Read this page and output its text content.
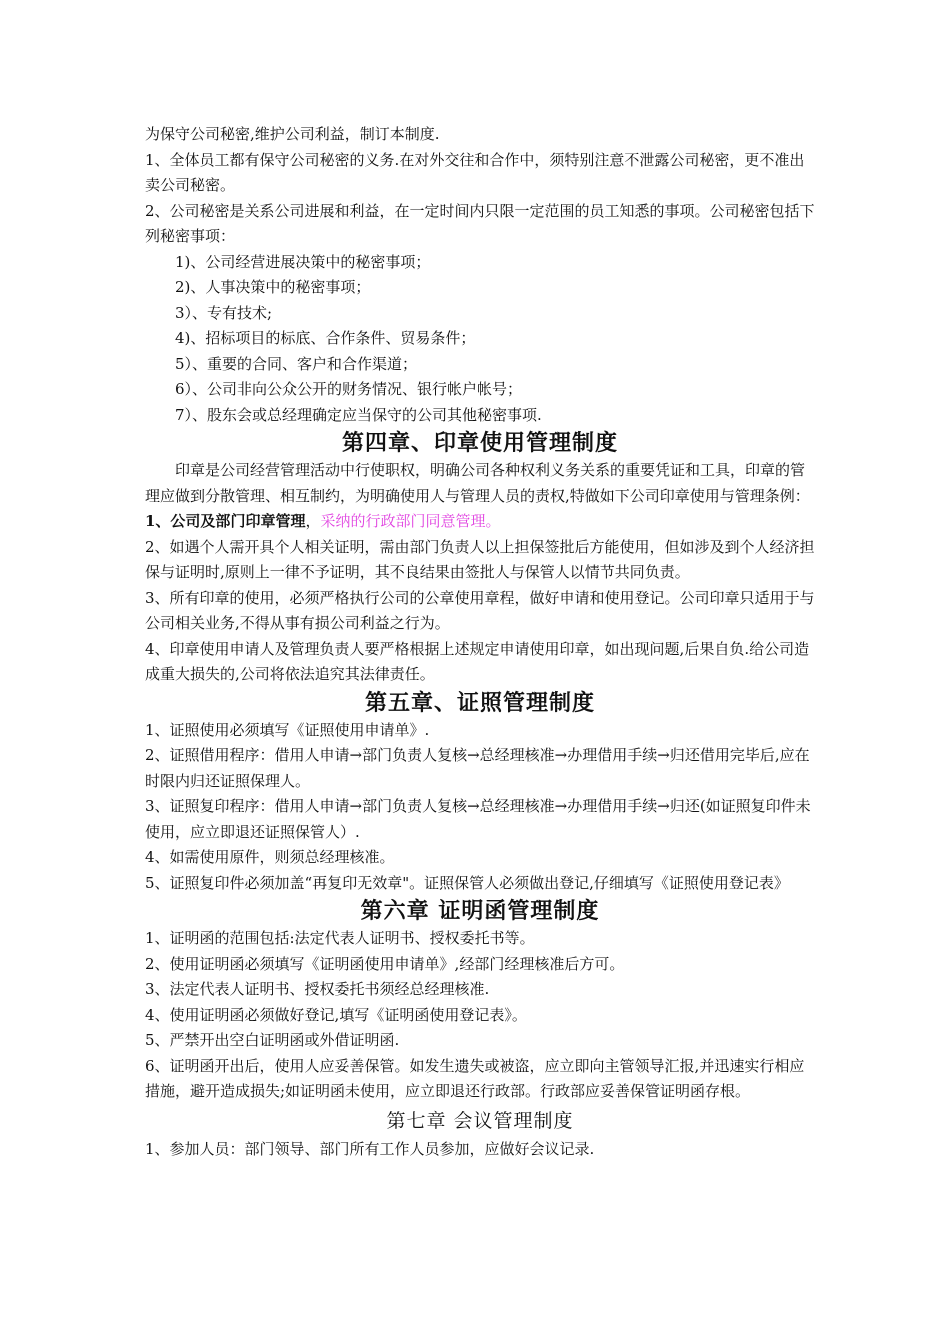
为保守公司秘密,维护公司利益，制订本制度.

1、全体员工都有保守公司秘密的义务.在对外交往和合作中，须特别注意不泄露公司秘密，更不准出卖公司秘密。

2、公司秘密是关系公司进展和利益，在一定时间内只限一定范围的员工知悉的事项。公司秘密包括下列秘密事项：

1)、公司经营进展决策中的秘密事项；

2)、人事决策中的秘密事项；

3）、专有技术;

4)、招标项目的标底、合作条件、贸易条件；

5）、重要的合同、客户和合作渠道；

6）、公司非向公众公开的财务情况、银行帐户帐号；

7）、股东会或总经理确定应当保守的公司其他秘密事项.

第四章、印章使用管理制度

印章是公司经营管理活动中行使职权，明确公司各种权利义务关系的重要凭证和工具，印章的管理应做到分散管理、相互制约，为明确使用人与管理人员的责权,特做如下公司印章使用与管理条例：

1、公司及部门印章管理，采纳的行政部门同意管理。

2、如遇个人需开具个人相关证明，需由部门负责人以上担保签批后方能使用，但如涉及到个人经济担保与证明时,原则上一律不予证明，其不良结果由签批人与保管人以情节共同负责。

3、所有印章的使用，必须严格执行公司的公章使用章程，做好申请和使用登记。公司印章只适用于与公司相关业务,不得从事有损公司利益之行为。

4、印章使用申请人及管理负责人要严格根据上述规定申请使用印章，如出现问题,后果自负.给公司造成重大损失的,公司将依法追究其法律责任。

第五章、证照管理制度

1、证照使用必须填写《证照使用申请单》.

2、证照借用程序：借用人申请→部门负责人复核→总经理核准→办理借用手续→归还借用完毕后,应在时限内归还证照保理人。

3、证照复印程序：借用人申请→部门负责人复核→总经理核准→办理借用手续→归还(如证照复印件未使用，应立即退还证照保管人）.

4、如需使用原件，则须总经理核准。

5、证照复印件必须加盖“再复印无效章"。证照保管人必须做出登记,仔细填写《证照使用登记表》

第六章 证明函管理制度

1、证明函的范围包括:法定代表人证明书、授权委托书等。

2、使用证明函必须填写《证明函使用申请单》,经部门经理核准后方可。

3、法定代表人证明书、授权委托书须经总经理核准.

4、使用证明函必须做好登记,填写《证明函使用登记表》。

5、严禁开出空白证明函或外借证明函.

6、证明函开出后，使用人应妥善保管。如发生遗失或被盗，应立即向主管领导汇报,并迅速实行相应措施，避开造成损失;如证明函未使用，应立即退还行政部。行政部应妥善保管证明函存根。

第七章 会议管理制度

1、参加人员：部门领导、部门所有工作人员参加，应做好会议记录.
